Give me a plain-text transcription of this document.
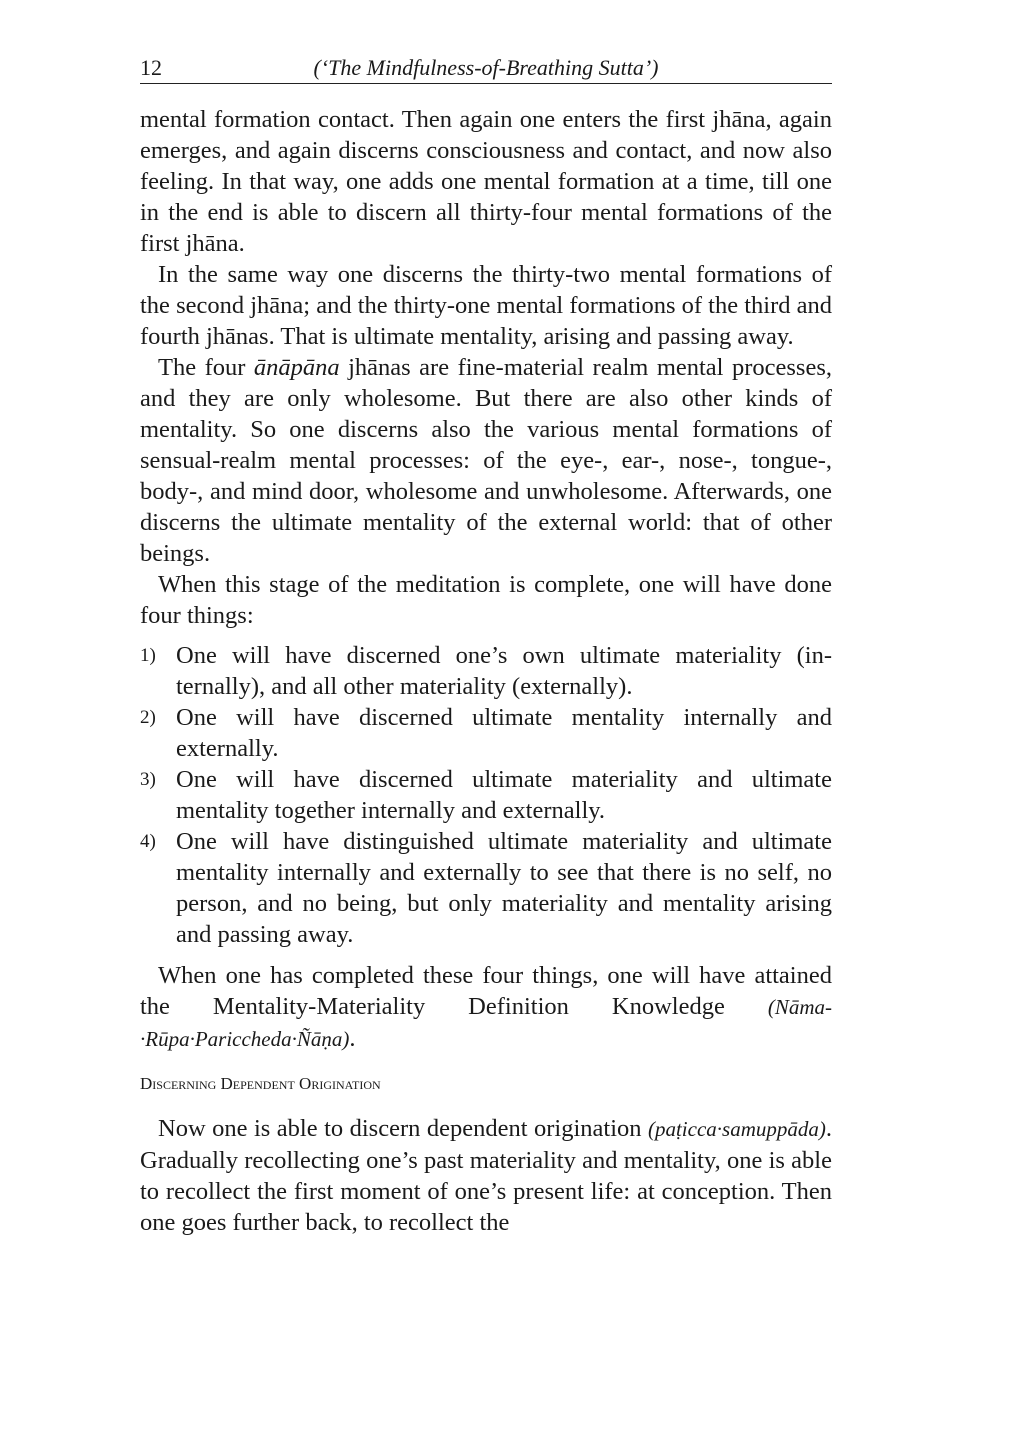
12	(‘The Mindfulness-of-Breathing Sutta’)

mental formation contact. Then again one enters the first jhāna, again emerges, and again discerns consciousness and contact, and now also feeling. In that way, one adds one mental formation at a time, till one in the end is able to discern all thirty-four mental formations of the first jhāna.

In the same way one discerns the thirty-two mental formations of the second jhāna; and the thirty-one mental formations of the third and fourth jhānas. That is ultimate mentality, arising and passing away.

The four ānāpāna jhānas are fine-material realm mental processes, and they are only wholesome. But there are also other kinds of mentality. So one discerns also the various mental formations of sensual-realm mental processes: of the eye-, ear-, nose-, tongue-, body-, and mind door, wholesome and unwholesome. Afterwards, one discerns the ultimate mentality of the external world: that of other beings.

When this stage of the meditation is complete, one will have done four things:

1) One will have discerned one’s own ultimate materiality (internally), and all other materiality (externally).
2) One will have discerned ultimate mentality internally and externally.
3) One will have discerned ultimate materiality and ultimate mentality together internally and externally.
4) One will have distinguished ultimate materiality and ultimate mentality internally and externally to see that there is no self, no person, and no being, but only materiality and mentality arising and passing away.

When one has completed these four things, one will have attained the Mentality-Materiality Definition Knowledge (Nāma-·Rūpa·Pariccheda·Ñāṇa).

Discerning Dependent Origination

Now one is able to discern dependent origination (paṭicca·samuppāda). Gradually recollecting one’s past materiality and mentality, one is able to recollect the first moment of one’s present life: at conception. Then one goes further back, to recollect the
